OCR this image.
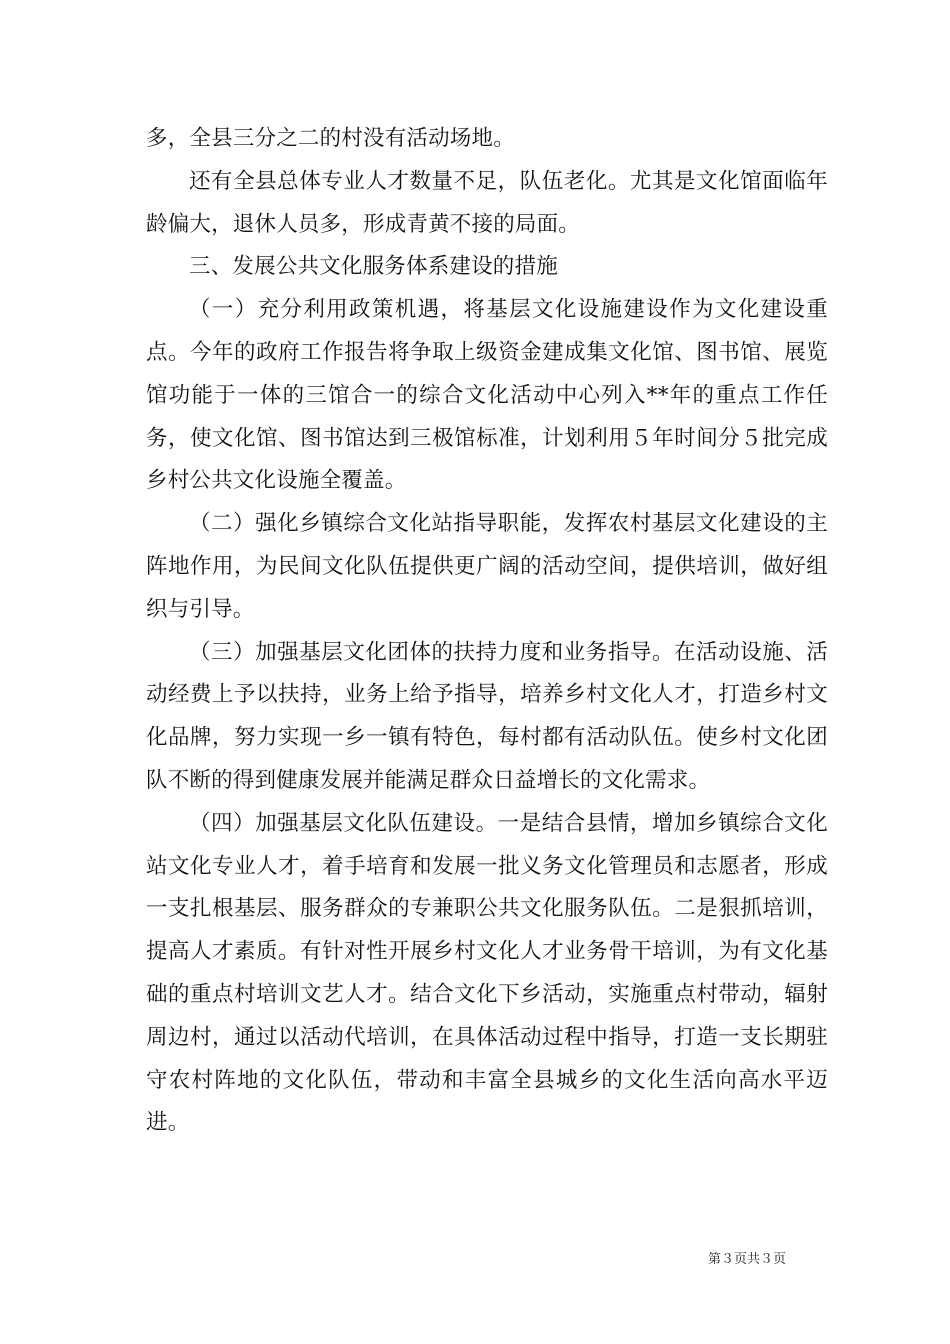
多，全县三分之二的村没有活动场地。

还有全县总体专业人才数量不足，队伍老化。尤其是文化馆面临年龄偏大，退休人员多，形成青黄不接的局面。

三、发展公共文化服务体系建设的措施

（一）充分利用政策机遇，将基层文化设施建设作为文化建设重点。今年的政府工作报告将争取上级资金建成集文化馆、图书馆、展览馆功能于一体的三馆合一的综合文化活动中心列入**年的重点工作任务，使文化馆、图书馆达到三极馆标准，计划利用５年时间分５批完成乡村公共文化设施全覆盖。

（二）强化乡镇综合文化站指导职能，发挥农村基层文化建设的主阵地作用，为民间文化队伍提供更广阔的活动空间，提供培训，做好组织与引导。

（三）加强基层文化团体的扶持力度和业务指导。在活动设施、活动经费上予以扶持，业务上给予指导，培养乡村文化人才，打造乡村文化品牌，努力实现一乡一镇有特色，每村都有活动队伍。使乡村文化团队不断的得到健康发展并能满足群众日益增长的文化需求。

（四）加强基层文化队伍建设。一是结合县情，增加乡镇综合文化站文化专业人才，着手培育和发展一批义务文化管理员和志愿者，形成一支扎根基层、服务群众的专兼职公共文化服务队伍。二是狠抓培训，提高人才素质。有针对性开展乡村文化人才业务骨干培训，为有文化基础的重点村培训文艺人才。结合文化下乡活动，实施重点村带动，辐射周边村，通过以活动代培训，在具体活动过程中指导，打造一支长期驻守农村阵地的文化队伍，带动和丰富全县城乡的文化生活向高水平迈进。

第３页共３页
